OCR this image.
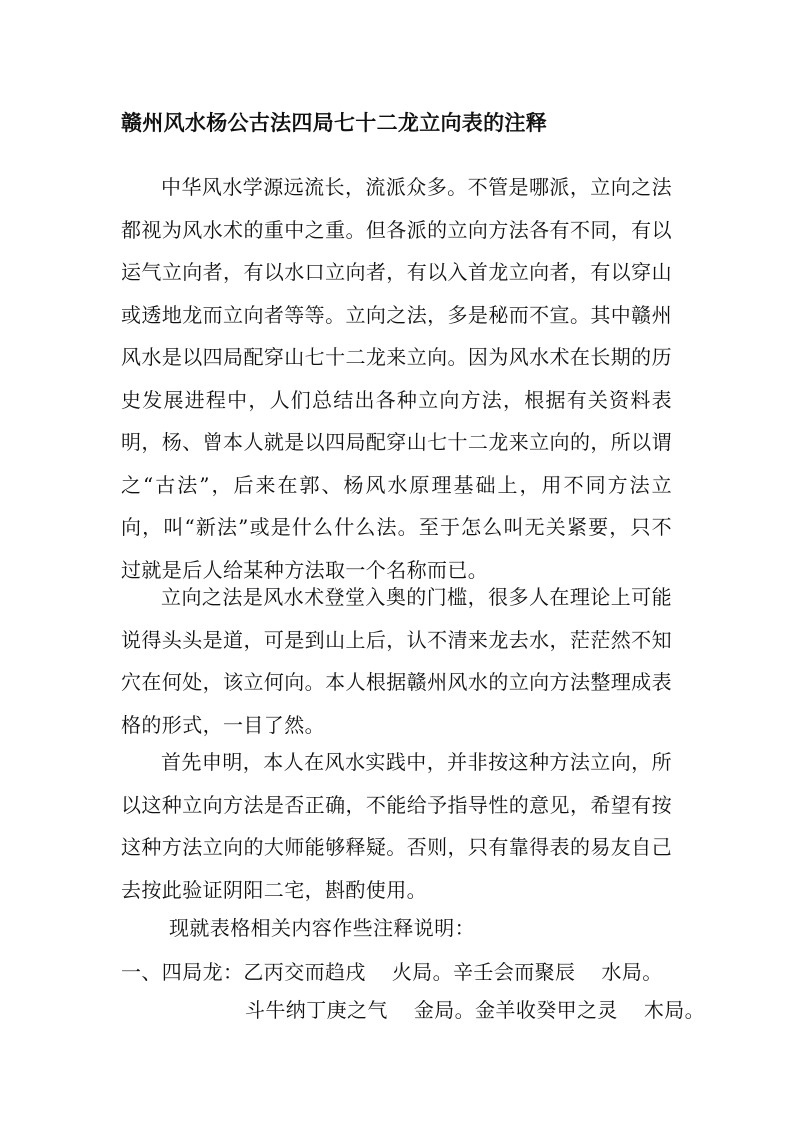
赣州风水杨公古法四局七十二龙立向表的注释
中华风水学源远流长，流派众多。不管是哪派，立向之法都视为风水术的重中之重。但各派的立向方法各有不同，有以运气立向者，有以水口立向者，有以入首龙立向者，有以穿山或透地龙而立向者等等。立向之法，多是秘而不宣。其中赣州风水是以四局配穿山七十二龙来立向。因为风水术在长期的历史发展进程中，人们总结出各种立向方法，根据有关资料表明，杨、曾本人就是以四局配穿山七十二龙来立向的，所以谓之“古法”，后来在郭、杨风水原理基础上，用不同方法立向，叫“新法”或是什么什么法。至于怎么叫无关紧要，只不过就是后人给某种方法取一个名称而已。
立向之法是风水术登堂入奥的门槛，很多人在理论上可能说得头头是道，可是到山上后，认不清来龙去水，茫茫然不知穴在何处，该立何向。本人根据赣州风水的立向方法整理成表格的形式，一目了然。
首先申明，本人在风水实践中，并非按这种方法立向，所以这种立向方法是否正确，不能给予指导性的意见，希望有按这种方法立向的大师能够释疑。否则，只有靠得表的易友自己去按此验证阴阳二宅，斟酌使用。
现就表格相关内容作些注释说明：
一、四局龙：乙丙交而趋戌 火局。辛壬会而聚辰 水局。
斗牛纳丁庚之气 金局。金羊收癸甲之灵 木局。
